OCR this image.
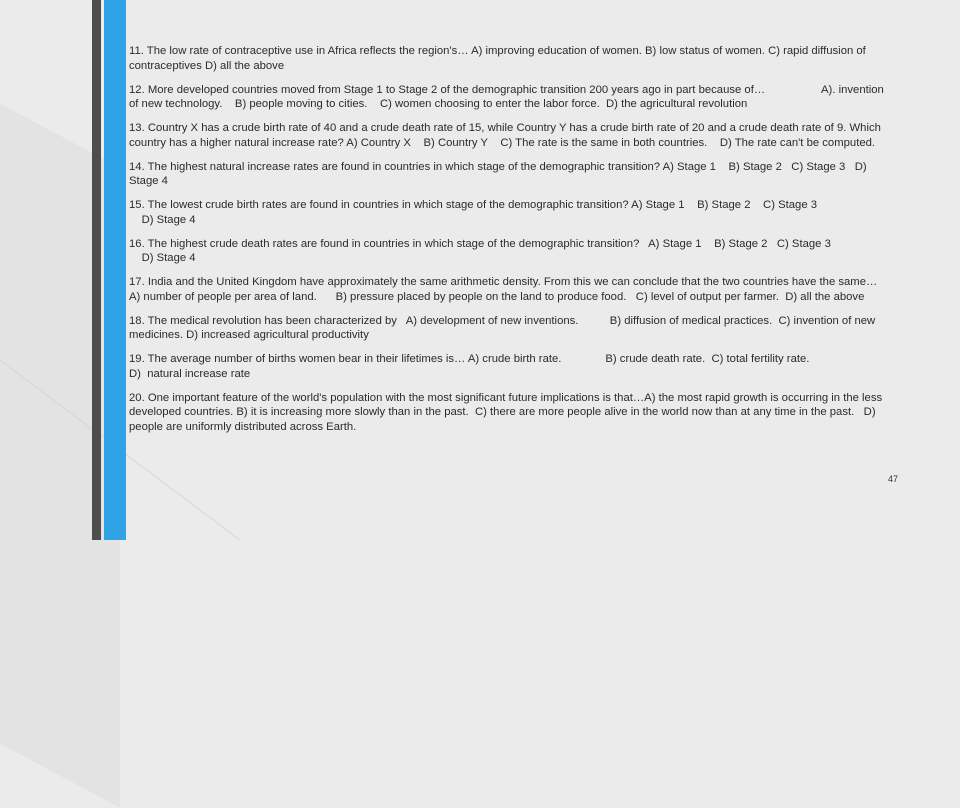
11. The low rate of contraceptive use in Africa reflects the region's… A) improving education of women. B) low status of women. C) rapid diffusion of contraceptives D) all the above

12. More developed countries moved from Stage 1 to Stage 2 of the demographic transition 200 years ago in part because of…                  A). invention of new technology.    B) people moving to cities.    C) women choosing to enter the labor force.  D) the agricultural revolution

13. Country X has a crude birth rate of 40 and a crude death rate of 15, while Country Y has a crude birth rate of 20 and a crude death rate of 9. Which country has a higher natural increase rate? A) Country X    B) Country Y    C) The rate is the same in both countries.    D) The rate can't be computed.

14. The highest natural increase rates are found in countries in which stage of the demographic transition? A) Stage 1    B) Stage 2   C) Stage 3   D) Stage 4

15. The lowest crude birth rates are found in countries in which stage of the demographic transition? A) Stage 1    B) Stage 2    C) Stage 3
D) Stage 4

16. The highest crude death rates are found in countries in which stage of the demographic transition?   A) Stage 1    B) Stage 2   C) Stage 3
D) Stage 4

17. India and the United Kingdom have approximately the same arithmetic density. From this we can conclude that the two countries have the same… A) number of people per area of land.      B) pressure placed by people on the land to produce food.   C) level of output per farmer.  D) all the above

18. The medical revolution has been characterized by   A) development of new inventions.          B) diffusion of medical practices.  C) invention of new medicines. D) increased agricultural productivity

19. The average number of births women bear in their lifetimes is… A) crude birth rate.              B) crude death rate.  C) total fertility rate.
D)  natural increase rate

20. One important feature of the world's population with the most significant future implications is that…A) the most rapid growth is occurring in the less developed countries. B) it is increasing more slowly than in the past.  C) there are more people alive in the world now than at any time in the past.   D) people are uniformly distributed across Earth.

47
